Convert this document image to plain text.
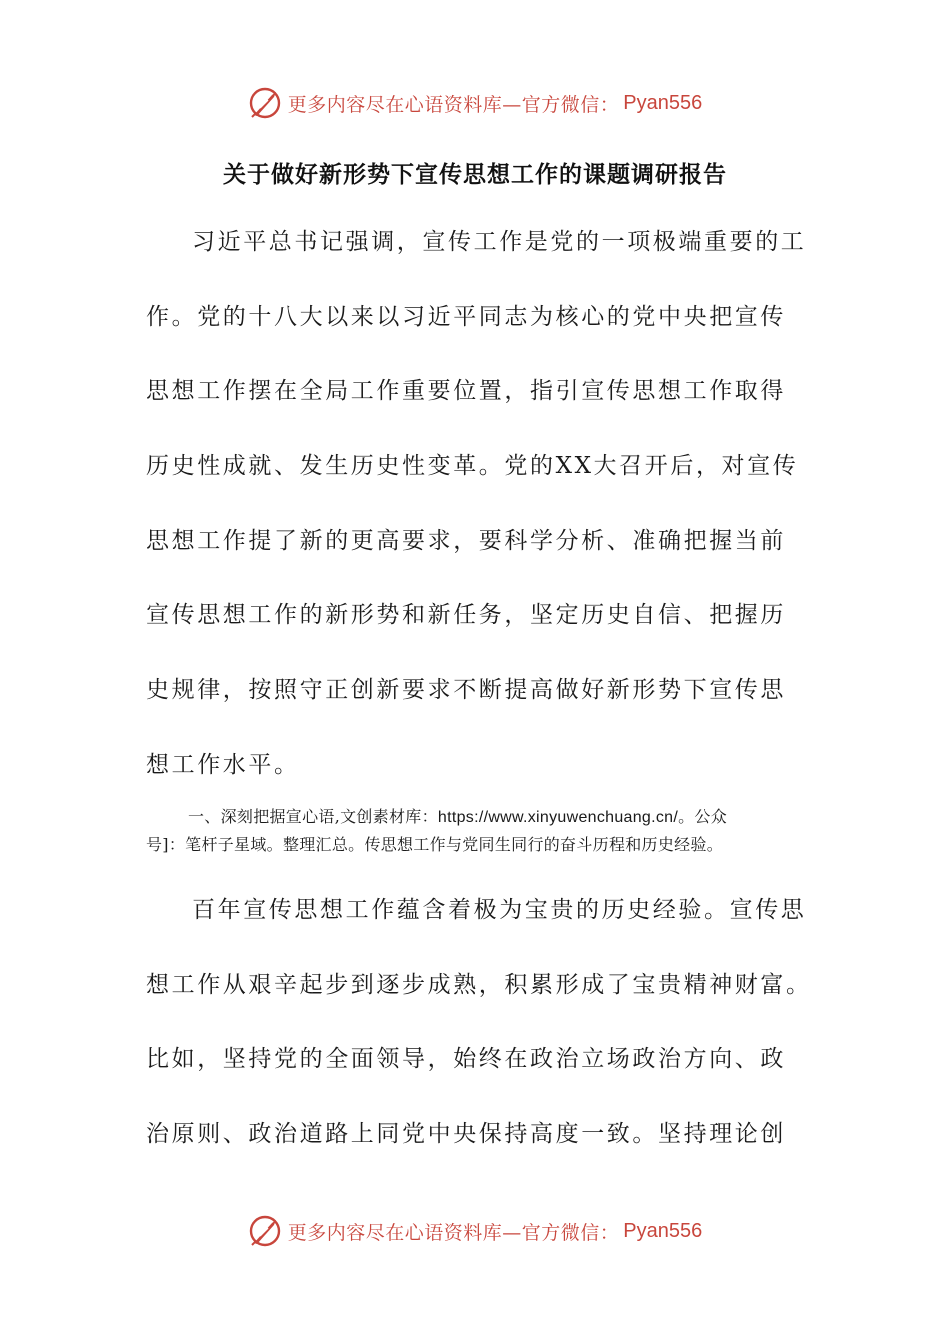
更多内容尽在心语资料库—官方微信： Pyan556
关于做好新形势下宣传思想工作的课题调研报告
习近平总书记强调，宣传工作是党的一项极端重要的工
作。党的十八大以来以习近平同志为核心的党中央把宣传
思想工作摆在全局工作重要位置，指引宣传思想工作取得
历史性成就、发生历史性变革。党的XX大召开后，对宣传
思想工作提了新的更高要求，要科学分析、准确把握当前
宣传思想工作的新形势和新任务，坚定历史自信、把握历
史规律，按照守正创新要求不断提高做好新形势下宣传思
想工作水平。
一、深刻把据宣心语,文创素材库：https://www.xinyuwenchuang.cn/。公众
号]：笔杆子星域。整理汇总。传思想工作与党同生同行的奋斗历程和历史经验。
百年宣传思想工作蕴含着极为宝贵的历史经验。宣传思
想工作从艰辛起步到逐步成熟，积累形成了宝贵精神财富。
比如，坚持党的全面领导，始终在政治立场政治方向、政
治原则、政治道路上同党中央保持高度一致。坚持理论创
更多内容尽在心语资料库—官方微信： Pyan556
